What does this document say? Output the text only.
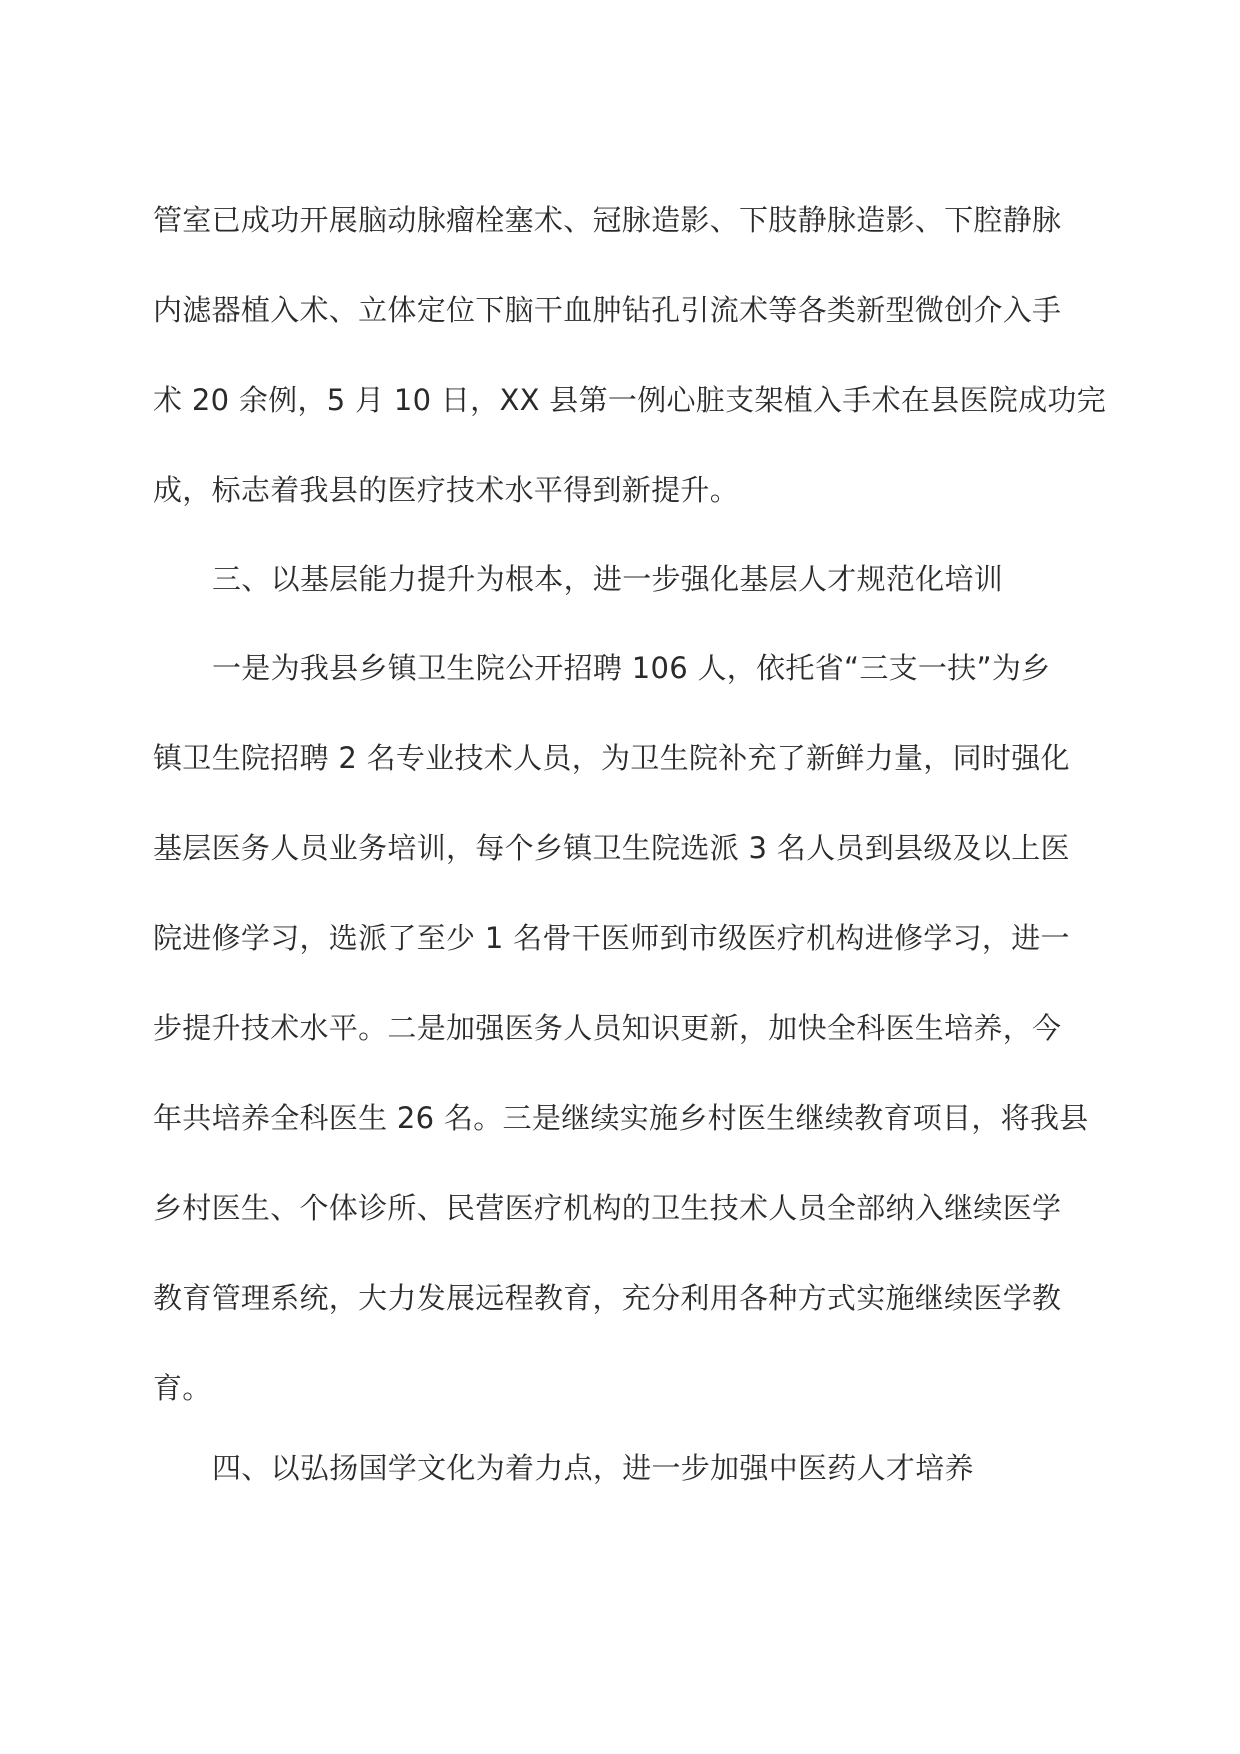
管室已成功开展脑动脉瘤栓塞术、冠脉造影、下肢静脉造影、下腔静脉
内滤器植入术、立体定位下脑干血肿钻孔引流术等各类新型微创介入手
术 20 余例，5 月 10 日，XX 县第一例心脏支架植入手术在县医院成功完
成，标志着我县的医疗技术水平得到新提升。
三、以基层能力提升为根本，进一步强化基层人才规范化培训
一是为我县乡镇卫生院公开招聘 106 人，依托省“三支一扶”为乡
镇卫生院招聘 2 名专业技术人员，为卫生院补充了新鲜力量，同时强化
基层医务人员业务培训，每个乡镇卫生院选派 3 名人员到县级及以上医
院进修学习，选派了至少 1 名骨干医师到市级医疗机构进修学习，进一
步提升技术水平。二是加强医务人员知识更新，加快全科医生培养，今
年共培养全科医生 26 名。三是继续实施乡村医生继续教育项目，将我县
乡村医生、个体诊所、民营医疗机构的卫生技术人员全部纳入继续医学
教育管理系统，大力发展远程教育，充分利用各种方式实施继续医学教
育。
四、以弘扬国学文化为着力点，进一步加强中医药人才培养
